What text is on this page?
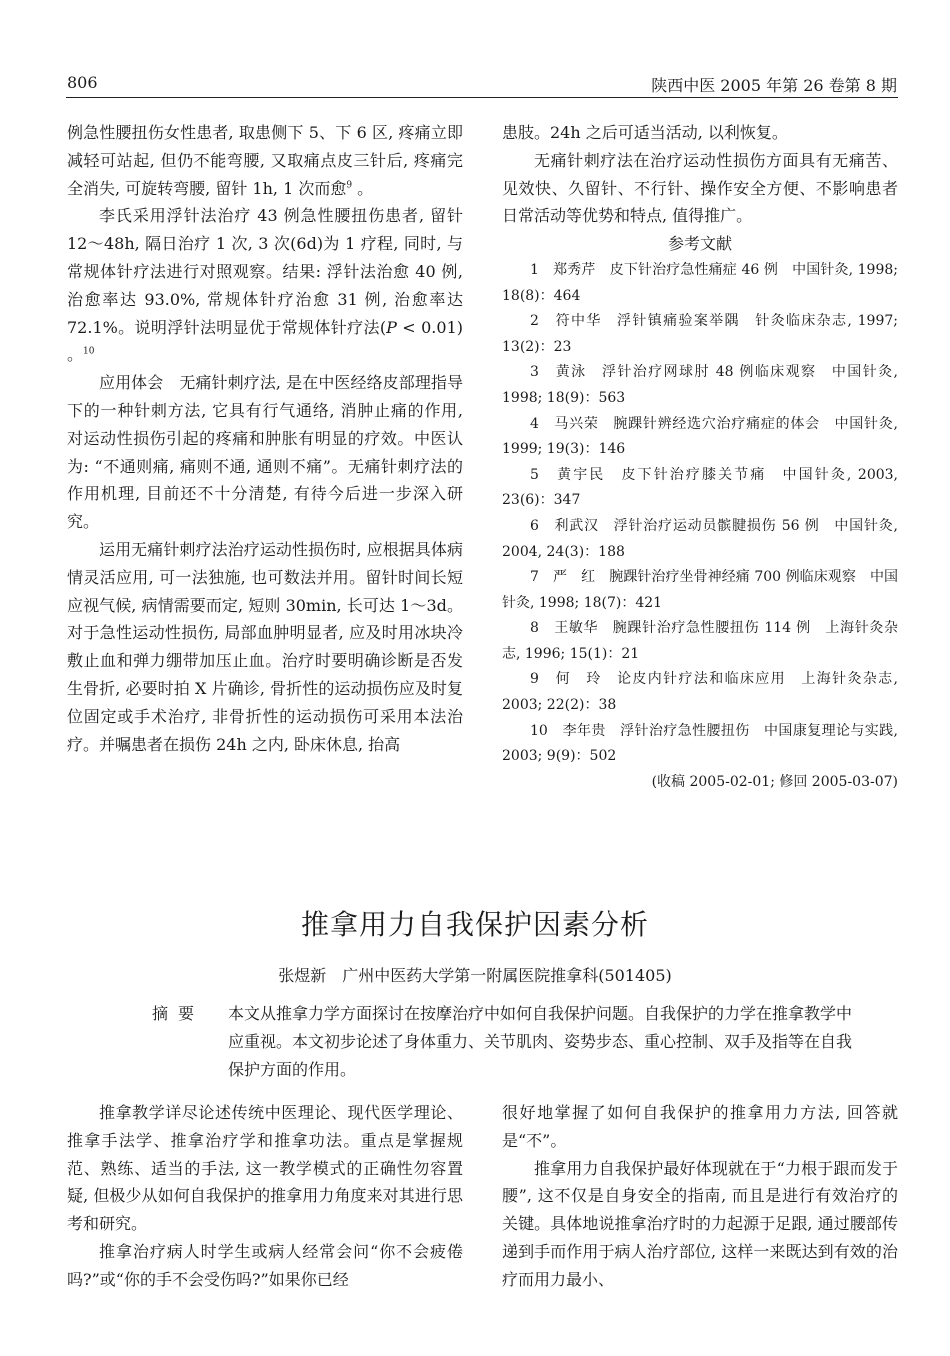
806	陕西中医 2005 年第 26 卷第 8 期

例急性腰扭伤女性患者, 取患侧下 5、下 6 区, 疼痛立即减轻可站起, 但仍不能弯腰, 又取痛点皮三针后, 疼痛完全消失, 可旋转弯腰, 留针 1h, 1 次而愈$^9$ 。

李氏采用浮针法治疗 43 例急性腰扭伤患者, 留针 12～48h, 隔日治疗 1 次, 3 次(6d)为 1 疗程, 同时, 与常规体针疗法进行对照观察。结果: 浮针法治愈 40 例, 治愈率达 93.0%, 常规体针疗治愈 31 例, 治愈率达 72.1%。说明浮针法明显优于常规体针疗法(P < 0.01) 。$^{10}$

应用体会　无痛针刺疗法, 是在中医经络皮部理指导下的一种针刺方法, 它具有行气通络, 消肿止痛的作用, 对运动性损伤引起的疼痛和肿胀有明显的疗效。中医认为: “不通则痛, 痛则不通, 通则不痛”。无痛针刺疗法的作用机理, 目前还不十分清楚, 有待今后进一步深入研究。

运用无痛针刺疗法治疗运动性损伤时, 应根据具体病情灵活应用, 可一法独施, 也可数法并用。留针时间长短应视气候, 病情需要而定, 短则 30min, 长可达 1～3d。对于急性运动性损伤, 局部血肿明显者, 应及时用冰块冷敷止血和弹力绷带加压止血。治疗时要明确诊断是否发生骨折, 必要时拍 X 片确诊, 骨折性的运动损伤应及时复位固定或手术治疗, 非骨折性的运动损伤可采用本法治疗。并嘱患者在损伤 24h 之内, 卧床休息, 抬高

患肢。24h 之后可适当活动, 以利恢复。

无痛针刺疗法在治疗运动性损伤方面具有无痛苦、见效快、久留针、不行针、操作安全方便、不影响患者日常活动等优势和特点, 值得推广。

参考文献

1　郑秀芹　皮下针治疗急性痛症 46 例　中国针灸, 1998; 18(8)：464

2　符中华　浮针镇痛验案举隅　针灸临床杂志, 1997; 13(2)：23

3　黄泳　浮针治疗网球肘 48 例临床观察　中国针灸, 1998; 18(9)：563

4　马兴荣　腕踝针辨经选穴治疗痛症的体会　中国针灸, 1999; 19(3)：146

5　黄宇民　皮下针治疗膝关节痛　中国针灸, 2003, 23(6)：347

6　利武汉　浮针治疗运动员髌腱损伤 56 例　中国针灸, 2004, 24(3)：188

7　严　红　腕踝针治疗坐骨神经痛 700 例临床观察　中国针灸, 1998; 18(7)：421

8　王敏华　腕踝针治疗急性腰扭伤 114 例　上海针灸杂志, 1996; 15(1)：21

9　何　玲　论皮内针疗法和临床应用　上海针灸杂志, 2003; 22(2)：38

10　李年贵　浮针治疗急性腰扭伤　中国康复理论与实践, 2003; 9(9)：502

(收稿 2005-02-01; 修回 2005-03-07)

推拿用力自我保护因素分析
张煜新　广州中医药大学第一附属医院推拿科(501405)
摘要	本文从推拿力学方面探讨在按摩治疗中如何自我保护问题。自我保护的力学在推拿教学中应重视。本文初步论述了身体重力、关节肌肉、姿势步态、重心控制、双手及指等在自我保护方面的作用。

推拿教学详尽论述传统中医理论、现代医学理论、推拿手法学、推拿治疗学和推拿功法。重点是掌握规范、熟练、适当的手法, 这一教学模式的正确性勿容置疑, 但极少从如何自我保护的推拿用力角度来对其进行思考和研究。

推拿治疗病人时学生或病人经常会问“你不会疲倦吗?”或“你的手不会受伤吗?”如果你已经

很好地掌握了如何自我保护的推拿用力方法, 回答就是“不”。

推拿用力自我保护最好体现就在于“力根于跟而发于腰”, 这不仅是自身安全的指南, 而且是进行有效治疗的关键。具体地说推拿治疗时的力起源于足跟, 通过腰部传递到手而作用于病人治疗部位, 这样一来既达到有效的治疗而用力最小、
